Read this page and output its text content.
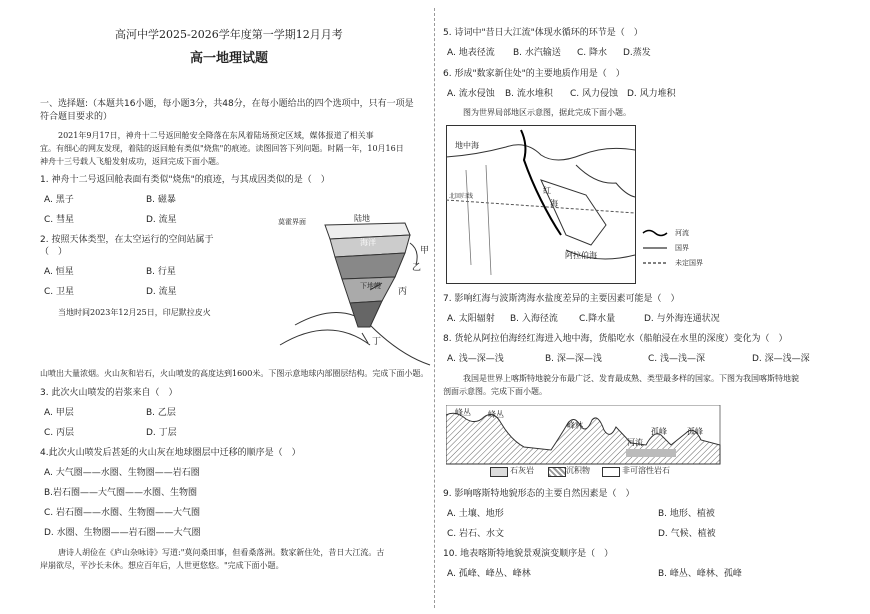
高河中学2025-2026学年度第一学期12月月考
高一地理试题
一、选择题:（本题共16小题，每小题3分，共48分，在每小题给出的四个选项中，只有一项是
符合题目要求的）
2021年9月17日，神舟十二号返回舱安全降落在东风着陆场预定区域，媒体报道了相关事
宜。有细心的网友发现，着陆的返回舱有类似"烧焦"的痕迹。读图回答下列问题。时隔一年，10月16日
神舟十三号载人飞船发射成功，返回完成下面小题。
1. 神舟十二号返回舱表面有类似"烧焦"的痕迹，与其成因类似的是（　）
A. 黑子	B. 磁暴
C. 彗星	D. 流星
2. 按照天体类型，在太空运行的空间站属于
（　）
A. 恒星	B. 行星
C. 卫星	D. 流星
当地时间2023年12月25日，印尼默拉皮火
山喷出大量浓烟。火山灰和岩石，火山喷发的高度达到1600米。下图示意地球内部圈层结构。完成下面小题。
莫霍界面	陆地
海洋
甲
乙
丙
丁
下地幔
3. 此次火山喷发的岩浆来自（　）
A. 甲层	B. 乙层
C. 丙层	D. 丁层
4.此次火山喷发后甚延的火山灰在地球圈层中迁移的顺序是（　）
A. 大气圈——水圈、生物圈——岩石圈
B.岩石圈——大气圈——水圈、生物圈
C. 岩石圈——水圈、生物圈——大气圈
D. 水圈、生物圈——岩石圈——大气圈
唐诗人胡俭在《庐山杂咏诗》写道:"莫问桑田事，但看桑落洲。数家新住处，昔日大江流。古
岸崩欲尽，平沙长未休。想应百年后，人世更悠悠。"完成下面小题。
5. 诗词中"昔日大江流"体现水循环的环节是（　）
A. 地表径流 B. 水汽输送 C. 降水 D.蒸发
6. 形成"数家新住处"的主要地质作用是（　）
A. 流水侵蚀 B. 流水堆积 C. 风力侵蚀 D. 风力堆积
图为世界局部地区示意图，据此完成下面小题。
地中海
北回归线
红
海
阿拉伯海
河流
国界
未定国界
7. 影响红海与波斯湾海水盐度差异的主要因素可能是（　）
A. 太阳辐射 B. 入海径流 C.降水量	D. 与外海连通状况
8. 货轮从阿拉伯海经红海进入地中海，货船吃水（船舶浸在水里的深度）变化为（　）
A. 浅—深—浅	B. 深—深—浅	C. 浅—浅—深	D. 深—浅—深
我国是世界上喀斯特地貌分布最广泛、发育最成熟、类型最多样的国家。下图为我国喀斯特地貌
剖面示意图。完成下面小题。
峰丛 峰丛
峰林
孤峰	孤峰
河流
石灰岩	沉积物	非可溶性岩石
9. 影响喀斯特地貌形态的主要自然因素是（　）
A. 土壤、地形	B. 地形、植被
C. 岩石、水文	D. 气候、植被
10. 地表喀斯特地貌景观演变顺序是（　）
A. 孤峰、峰丛、峰林	B. 峰丛、峰林、孤峰
